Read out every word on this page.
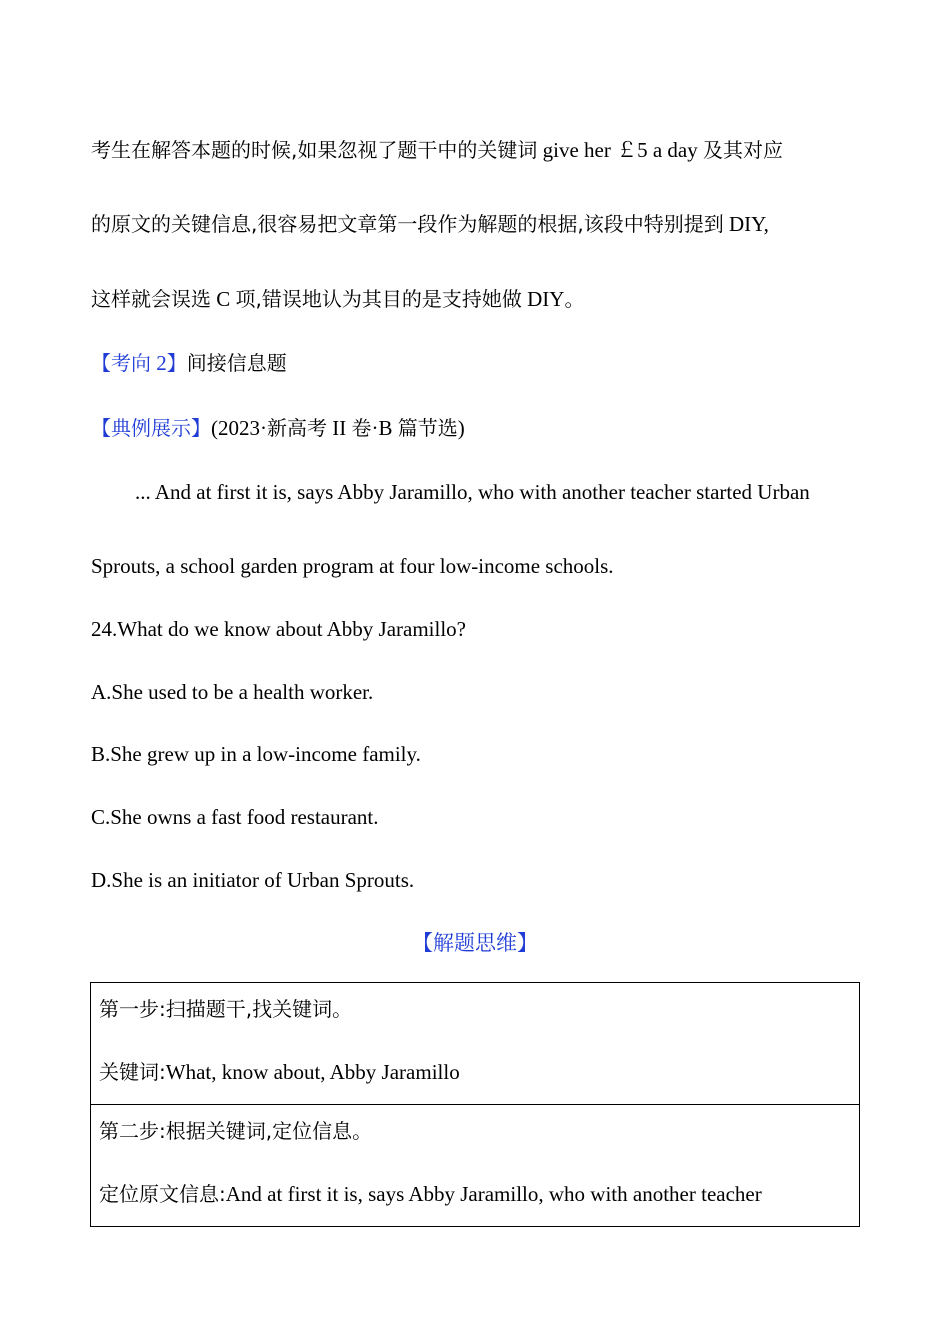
考生在解答本题的时候,如果忽视了题干中的关键词 give her ￡5 a day 及其对应
的原文的关键信息,很容易把文章第一段作为解题的根据,该段中特别提到 DIY,
这样就会误选 C 项,错误地认为其目的是支持她做 DIY。
【考向 2】间接信息题
【典例展示】(2023·新高考 II 卷·B 篇节选)
... And at first it is, says Abby Jaramillo, who with another teacher started Urban
Sprouts, a school garden program at four low-income schools.
24.What do we know about Abby Jaramillo?
A.She used to be a health worker.
B.She grew up in a low-income family.
C.She owns a fast food restaurant.
D.She is an initiator of Urban Sprouts.
【解题思维】
第一步:扫描题干,找关键词。
关键词:What, know about, Abby Jaramillo

第二步:根据关键词,定位信息。
定位原文信息:And at first it is, says Abby Jaramillo, who with another teacher
